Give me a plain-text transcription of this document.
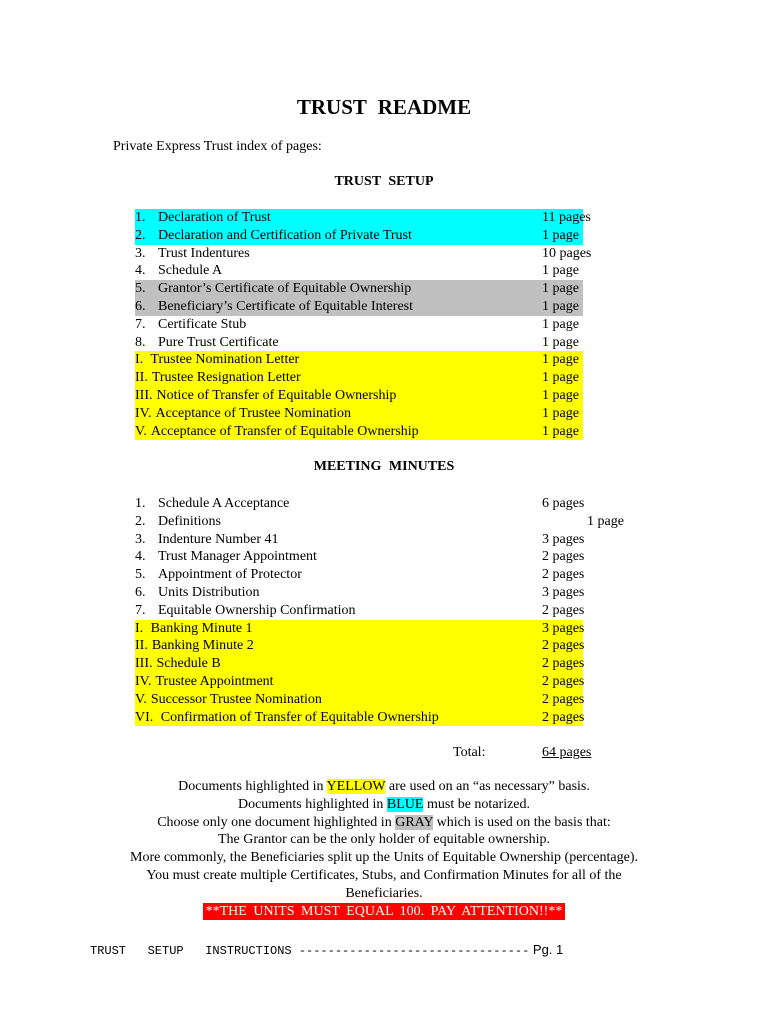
TRUST README
Private Express Trust index of pages:
TRUST SETUP
1. Declaration of Trust	11 pages
2. Declaration and Certification of Private Trust	1 page
3. Trust Indentures	10 pages
4. Schedule A	1 page
5. Grantor’s Certificate of Equitable Ownership	1 page
6. Beneficiary’s Certificate of Equitable Interest	1 page
7. Certificate Stub	1 page
8. Pure Trust Certificate	1 page
I. Trustee Nomination Letter	1 page
II. Trustee Resignation Letter	1 page
III. Notice of Transfer of Equitable Ownership	1 page
IV. Acceptance of Trustee Nomination	1 page
V. Acceptance of Transfer of Equitable Ownership	1 page
MEETING MINUTES
1. Schedule A Acceptance	6 pages
2. Definitions	1 page
3. Indenture Number 41	3 pages
4. Trust Manager Appointment	2 pages
5. Appointment of Protector	2 pages
6. Units Distribution	3 pages
7. Equitable Ownership Confirmation	2 pages
I. Banking Minute 1	3 pages
II. Banking Minute 2	2 pages
III. Schedule B	2 pages
IV. Trustee Appointment	2 pages
V. Successor Trustee Nomination	2 pages
VI. Confirmation of Transfer of Equitable Ownership	2 pages
Total:	64 pages
Documents highlighted in YELLOW are used on an “as necessary” basis.
Documents highlighted in BLUE must be notarized.
Choose only one document highlighted in GRAY which is used on the basis that:
The Grantor can be the only holder of equitable ownership.
More commonly, the Beneficiaries split up the Units of Equitable Ownership (percentage).
You must create multiple Certificates, Stubs, and Confirmation Minutes for all of the
Beneficiaries.
**THE UNITS MUST EQUAL 100. PAY ATTENTION!!**
TRUST   SETUP   INSTRUCTIONS -------------------------------- Pg. 1
